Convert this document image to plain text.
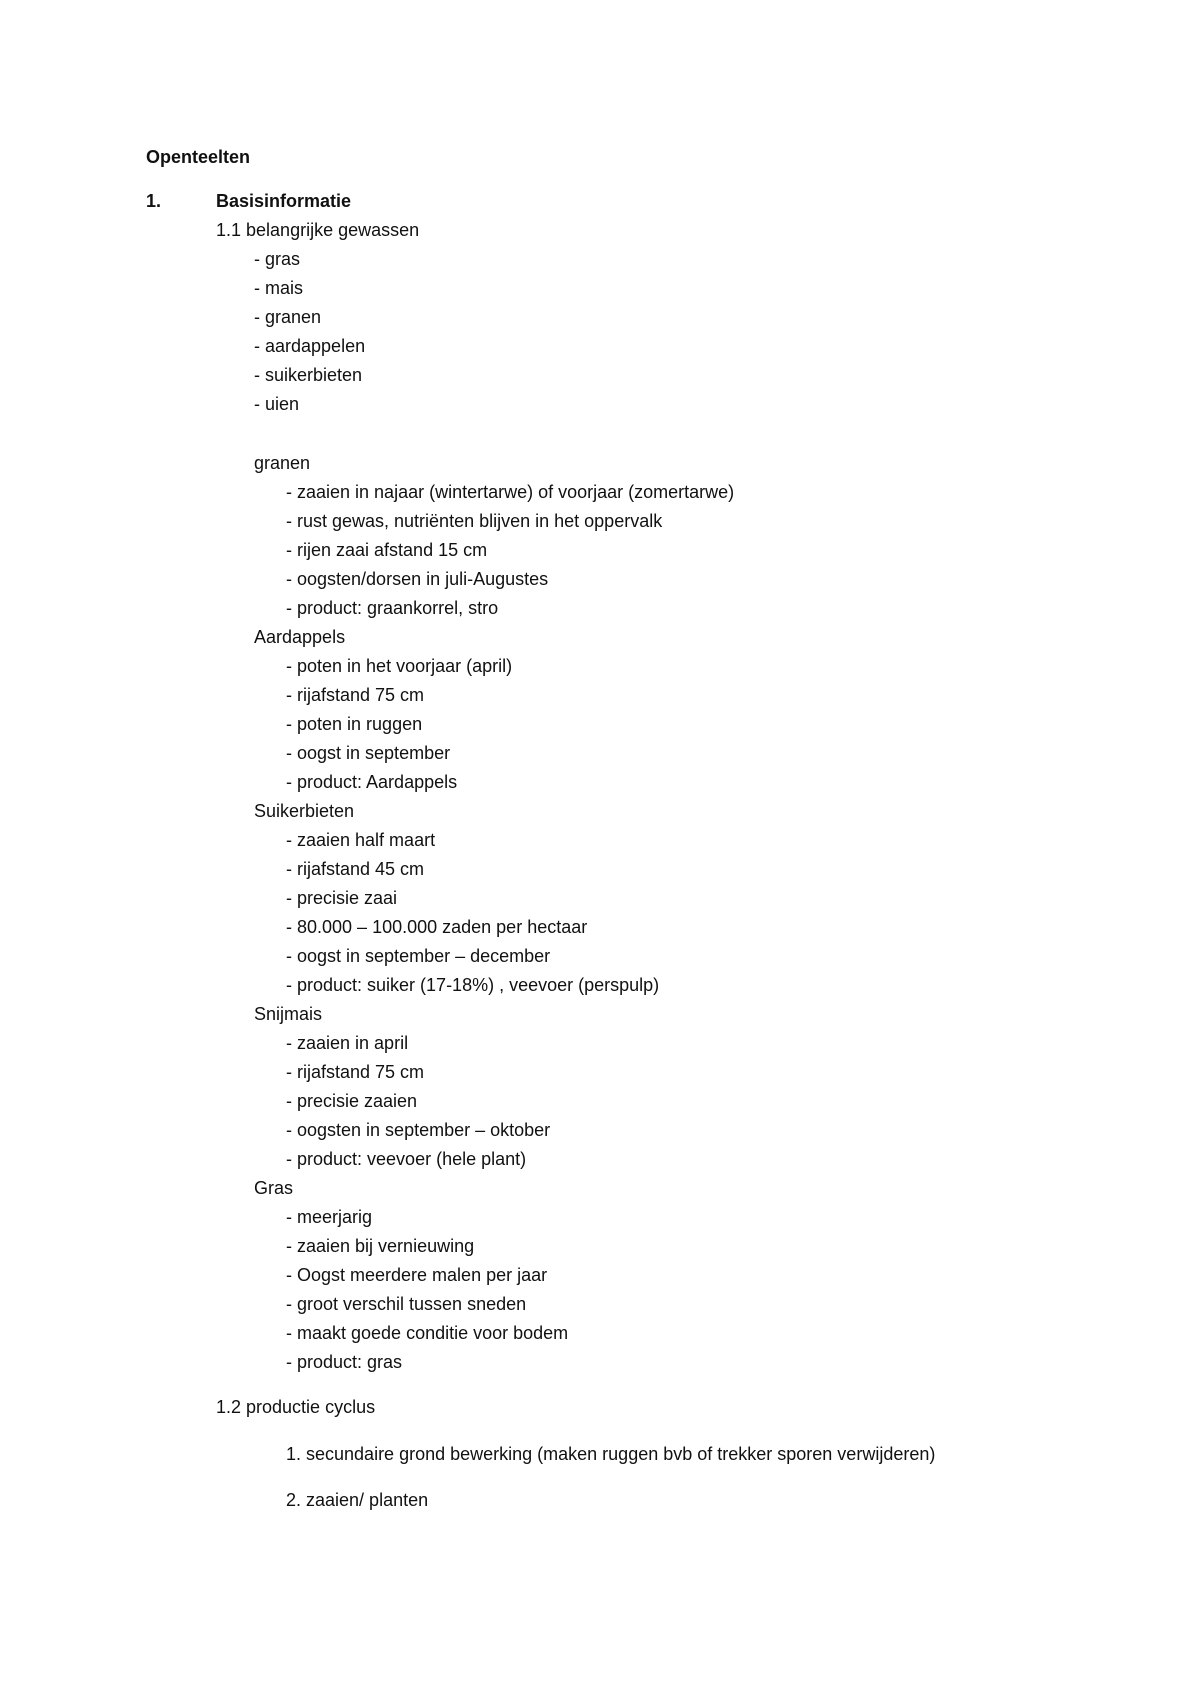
Openteelten
1.	Basisinformatie
1.1 belangrijke gewassen
- gras
- mais
- granen
- aardappelen
- suikerbieten
- uien
granen
- zaaien in najaar (wintertarwe) of voorjaar (zomertarwe)
- rust gewas, nutriënten blijven in het oppervalk
- rijen zaai afstand 15 cm
- oogsten/dorsen in juli-Augustes
- product: graankorrel, stro
Aardappels
- poten in het voorjaar (april)
- rijafstand 75 cm
- poten in ruggen
- oogst in september
- product: Aardappels
Suikerbieten
- zaaien half maart
- rijafstand 45 cm
- precisie zaai
- 80.000 – 100.000 zaden per hectaar
- oogst in september – december
- product: suiker (17-18%) , veevoer (perspulp)
Snijmais
- zaaien in april
- rijafstand 75 cm
- precisie zaaien
- oogsten in september – oktober
- product: veevoer (hele plant)
Gras
- meerjarig
- zaaien bij vernieuwing
- Oogst meerdere malen per jaar
- groot verschil tussen sneden
- maakt goede conditie voor bodem
- product: gras
1.2 productie cyclus
1. secundaire grond bewerking (maken ruggen bvb of trekker sporen verwijderen)
2. zaaien/ planten
